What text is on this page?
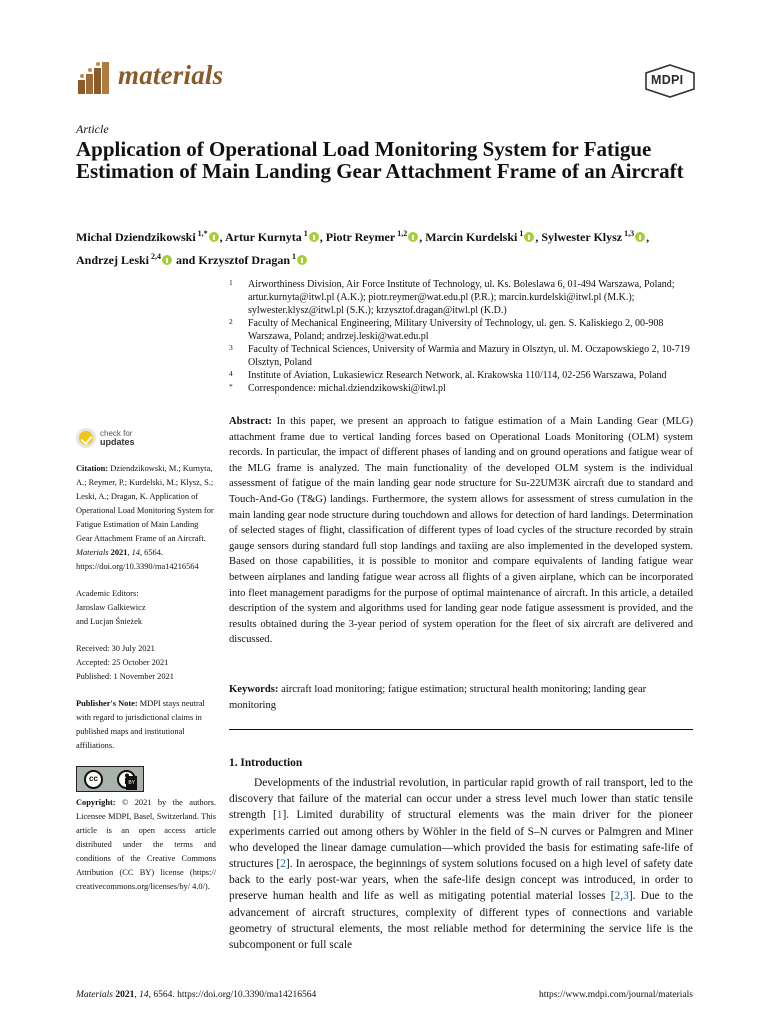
materials	MDPI
Article
Application of Operational Load Monitoring System for Fatigue Estimation of Main Landing Gear Attachment Frame of an Aircraft
Michal Dziendzikowski $^{1,*}$ , Artur Kurnyta $^1$ , Piotr Reymer $^{1,2}$ , Marcin Kurdelski $^1$ , Sylwester Klysz $^{1,3}$ ,
Andrzej Leski $^{2,4}$ and Krzysztof Dragan $^1$
1	Airworthiness Division, Air Force Institute of Technology, ul. Ks. Boleslawa 6, 01-494 Warszawa, Poland; artur.kurnyta@itwl.pl (A.K.); piotr.reymer@wat.edu.pl (P.R.); marcin.kurdelski@itwl.pl (M.K.); sylwester.klysz@itwl.pl (S.K.); krzysztof.dragan@itwl.pl (K.D.)
2	Faculty of Mechanical Engineering, Military University of Technology, ul. gen. S. Kaliskiego 2, 00-908 Warszawa, Poland; andrzej.leski@wat.edu.pl
3	Faculty of Technical Sciences, University of Warmia and Mazury in Olsztyn, ul. M. Oczapowskiego 2, 10-719 Olsztyn, Poland
4	Institute of Aviation, Lukasiewicz Research Network, al. Krakowska 110/114, 02-256 Warszawa, Poland
*	Correspondence: michal.dziendzikowski@itwl.pl
check for
updates
Citation: Dziendzikowski, M.; Kurnyta, A.; Reymer, P.; Kurdelski, M.; Klysz, S.; Leski, A.; Dragan, K. Application of Operational Load Monitoring System for Fatigue Estimation of Main Landing Gear Attachment Frame of an Aircraft. Materials 2021, 14, 6564. https://doi.org/10.3390/ma14216564
Academic Editors:
Jaroslaw Galkiewicz
and Lucjan Śnieżek
Received: 30 July 2021
Accepted: 25 October 2021
Published: 1 November 2021
Publisher's Note: MDPI stays neutral with regard to jurisdictional claims in published maps and institutional affiliations.
cc	BY
Copyright: © 2021 by the authors. Licensee MDPI, Basel, Switzerland. This article is an open access article distributed under the terms and conditions of the Creative Commons Attribution (CC BY) license (https:// creativecommons.org/licenses/by/ 4.0/).
Abstract: In this paper, we present an approach to fatigue estimation of a Main Landing Gear (MLG) attachment frame due to vertical landing forces based on Operational Loads Monitoring (OLM) system records. In particular, the impact of different phases of landing and on ground operations and fatigue wear of the MLG frame is analyzed. The main functionality of the developed OLM system is the individual assessment of fatigue of the main landing gear node structure for Su-22UM3K aircraft due to standard and Touch-And-Go (T&G) landings. Furthermore, the system allows for assessment of stress cumulation in the main landing gear node structure during touchdown and allows for detection of hard landings. Determination of selected stages of flight, classification of different types of load cycles of the structure recorded by strain gauge sensors during standard full stop landings and taxiing are also implemented in the developed system. Based on those capabilities, it is possible to monitor and compare equivalents of landing fatigue wear between airplanes and landing fatigue wear across all flights of a given airplane, which can be incorporated into fleet management paradigms for the purpose of optimal maintenance of aircraft. In this article, a detailed description of the system and algorithms used for landing gear node fatigue assessment is provided, and the results obtained during the 3-year period of system operation for the fleet of six aircraft are delivered and discussed.
Keywords: aircraft load monitoring; fatigue estimation; structural health monitoring; landing gear monitoring
1. Introduction

Developments of the industrial revolution, in particular rapid growth of rail transport, led to the discovery that failure of the material can occur under a stress level much lower than static tensile strength [1]. Limited durability of structural elements was the main driver for the pioneer experiments carried out among others by Wöhler in the field of S–N curves or Palmgren and Miner who developed the linear damage cumulation—which provided the basis for estimating safe-life of structures [2]. In aerospace, the beginnings of system solutions focused on a high level of safety date back to the early post-war years, when the safe-life design concept was introduced, in order to preserve human health and life as well as mitigating potential material losses [2,3]. Due to the advancement of aircraft structures, complexity of different types of connections and variable geometry of structural elements, the most reliable method for determining the service life is the subcomponent or full scale

Materials 2021, 14, 6564. https://doi.org/10.3390/ma14216564	https://www.mdpi.com/journal/materials
